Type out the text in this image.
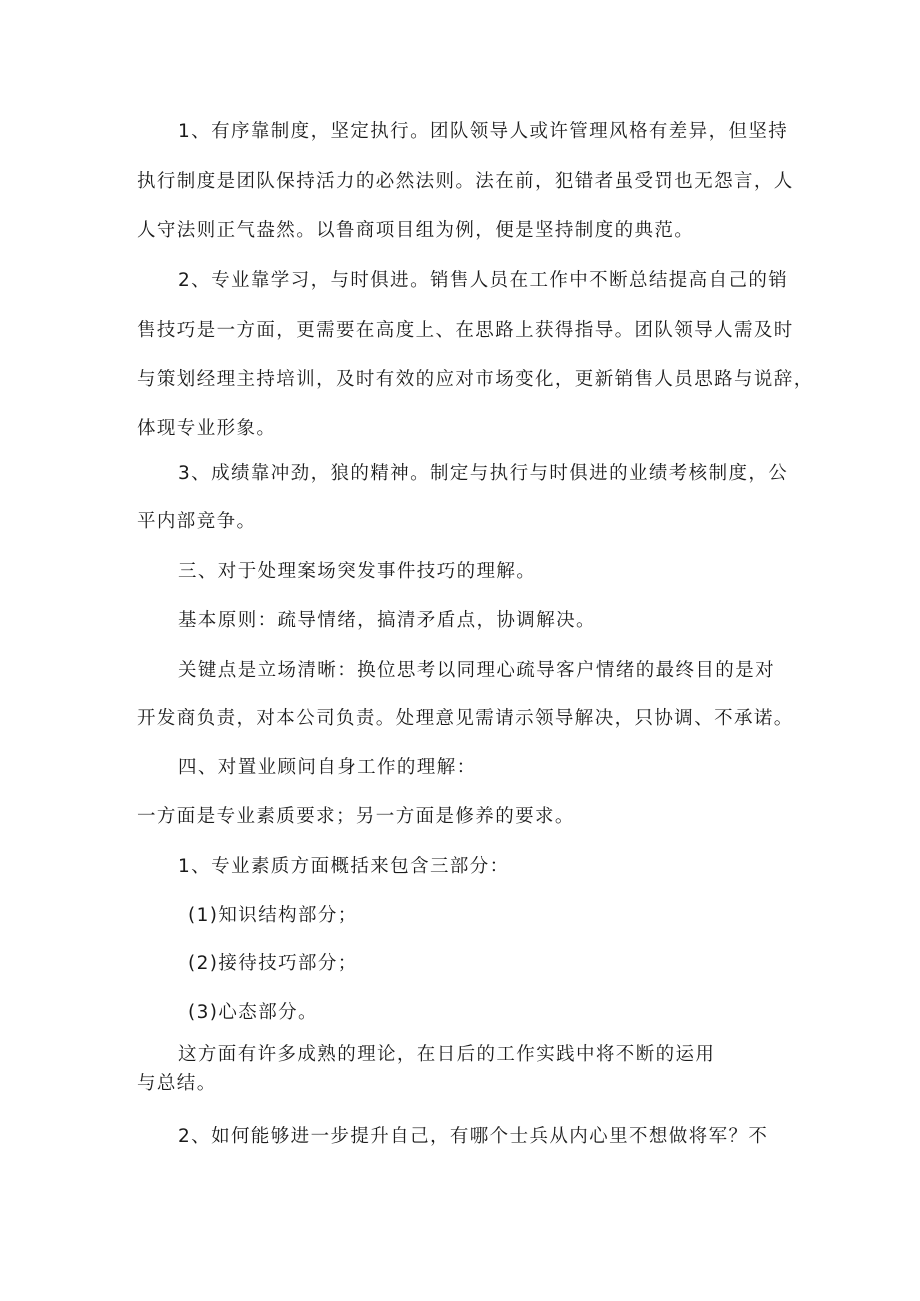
1、有序靠制度，坚定执行。团队领导人或许管理风格有差异，但坚持
执行制度是团队保持活力的必然法则。法在前，犯错者虽受罚也无怨言，人
人守法则正气盎然。以鲁商项目组为例，便是坚持制度的典范。
2、专业靠学习，与时俱进。销售人员在工作中不断总结提高自己的销
售技巧是一方面，更需要在高度上、在思路上获得指导。团队领导人需及时
与策划经理主持培训，及时有效的应对市场变化，更新销售人员思路与说辞，
体现专业形象。
3、成绩靠冲劲，狼的精神。制定与执行与时俱进的业绩考核制度，公
平内部竞争。
三、对于处理案场突发事件技巧的理解。
基本原则：疏导情绪，搞清矛盾点，协调解决。
关键点是立场清晰：换位思考以同理心疏导客户情绪的最终目的是对
开发商负责，对本公司负责。处理意见需请示领导解决，只协调、不承诺。
四、对置业顾问自身工作的理解：
一方面是专业素质要求；另一方面是修养的要求。
1、专业素质方面概括来包含三部分：
(1)知识结构部分；
(2)接待技巧部分；
(3)心态部分。
这方面有许多成熟的理论，在日后的工作实践中将不断的运用
与总结。
2、如何能够进一步提升自己，有哪个士兵从内心里不想做将军？不
